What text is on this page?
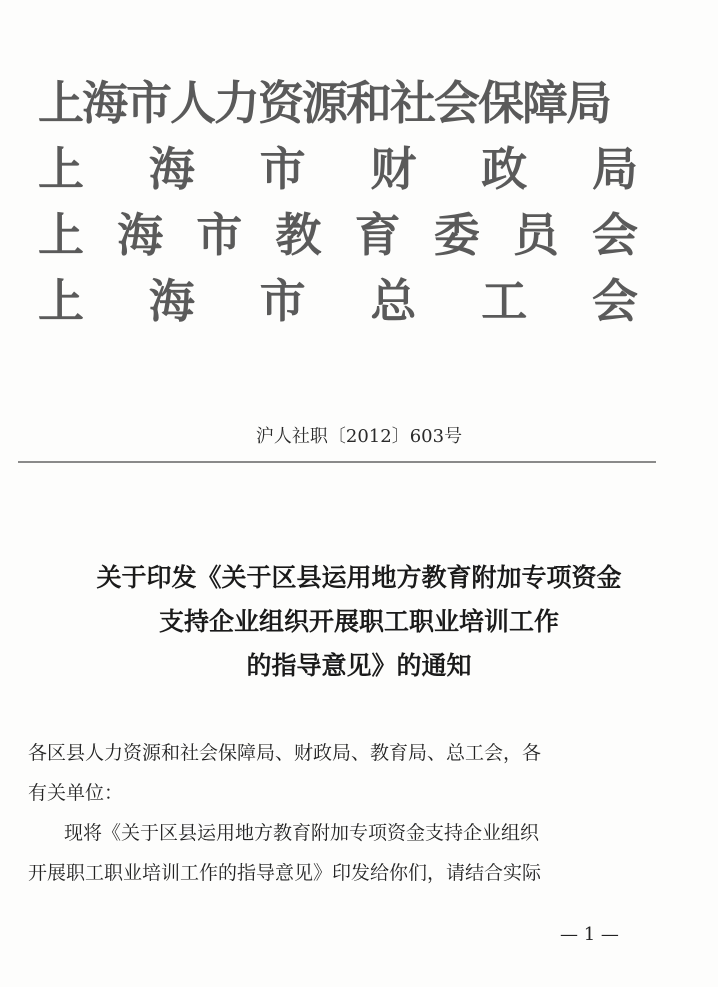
上海市人力资源和社会保障局
上 海 市 财 政 局
上 海 市 教 育 委 员 会
上 海 市 总 工 会
沪人社职〔2012〕603号
关于印发《关于区县运用地方教育附加专项资金
支持企业组织开展职工职业培训工作
的指导意见》的通知
各区县人力资源和社会保障局、财政局、教育局、总工会，各
有关单位：
现将《关于区县运用地方教育附加专项资金支持企业组织
开展职工职业培训工作的指导意见》印发给你们，请结合实际
— 1 —
